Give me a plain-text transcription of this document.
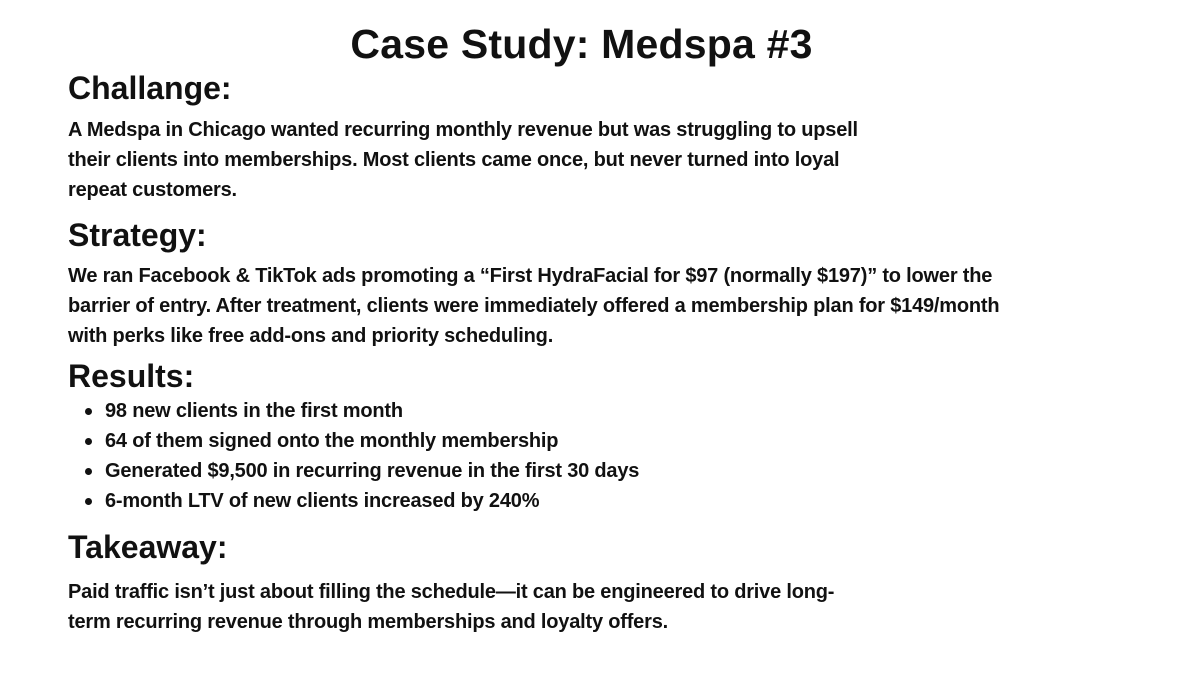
Case Study: Medspa #3
Challange:

A Medspa in Chicago wanted recurring monthly revenue but was struggling to upsell
their clients into memberships. Most clients came once, but never turned into loyal
repeat customers.

Strategy:

We ran Facebook & TikTok ads promoting a “First HydraFacial for $97 (normally $197)” to lower the
barrier of entry. After treatment, clients were immediately offered a membership plan for $149/month
with perks like free add-ons and priority scheduling.

Results:
98 new clients in the first month
64 of them signed onto the monthly membership
Generated $9,500 in recurring revenue in the first 30 days
6-month LTV of new clients increased by 240%
Takeaway:

Paid traffic isn’t just about filling the schedule—it can be engineered to drive long-
term recurring revenue through memberships and loyalty offers.
